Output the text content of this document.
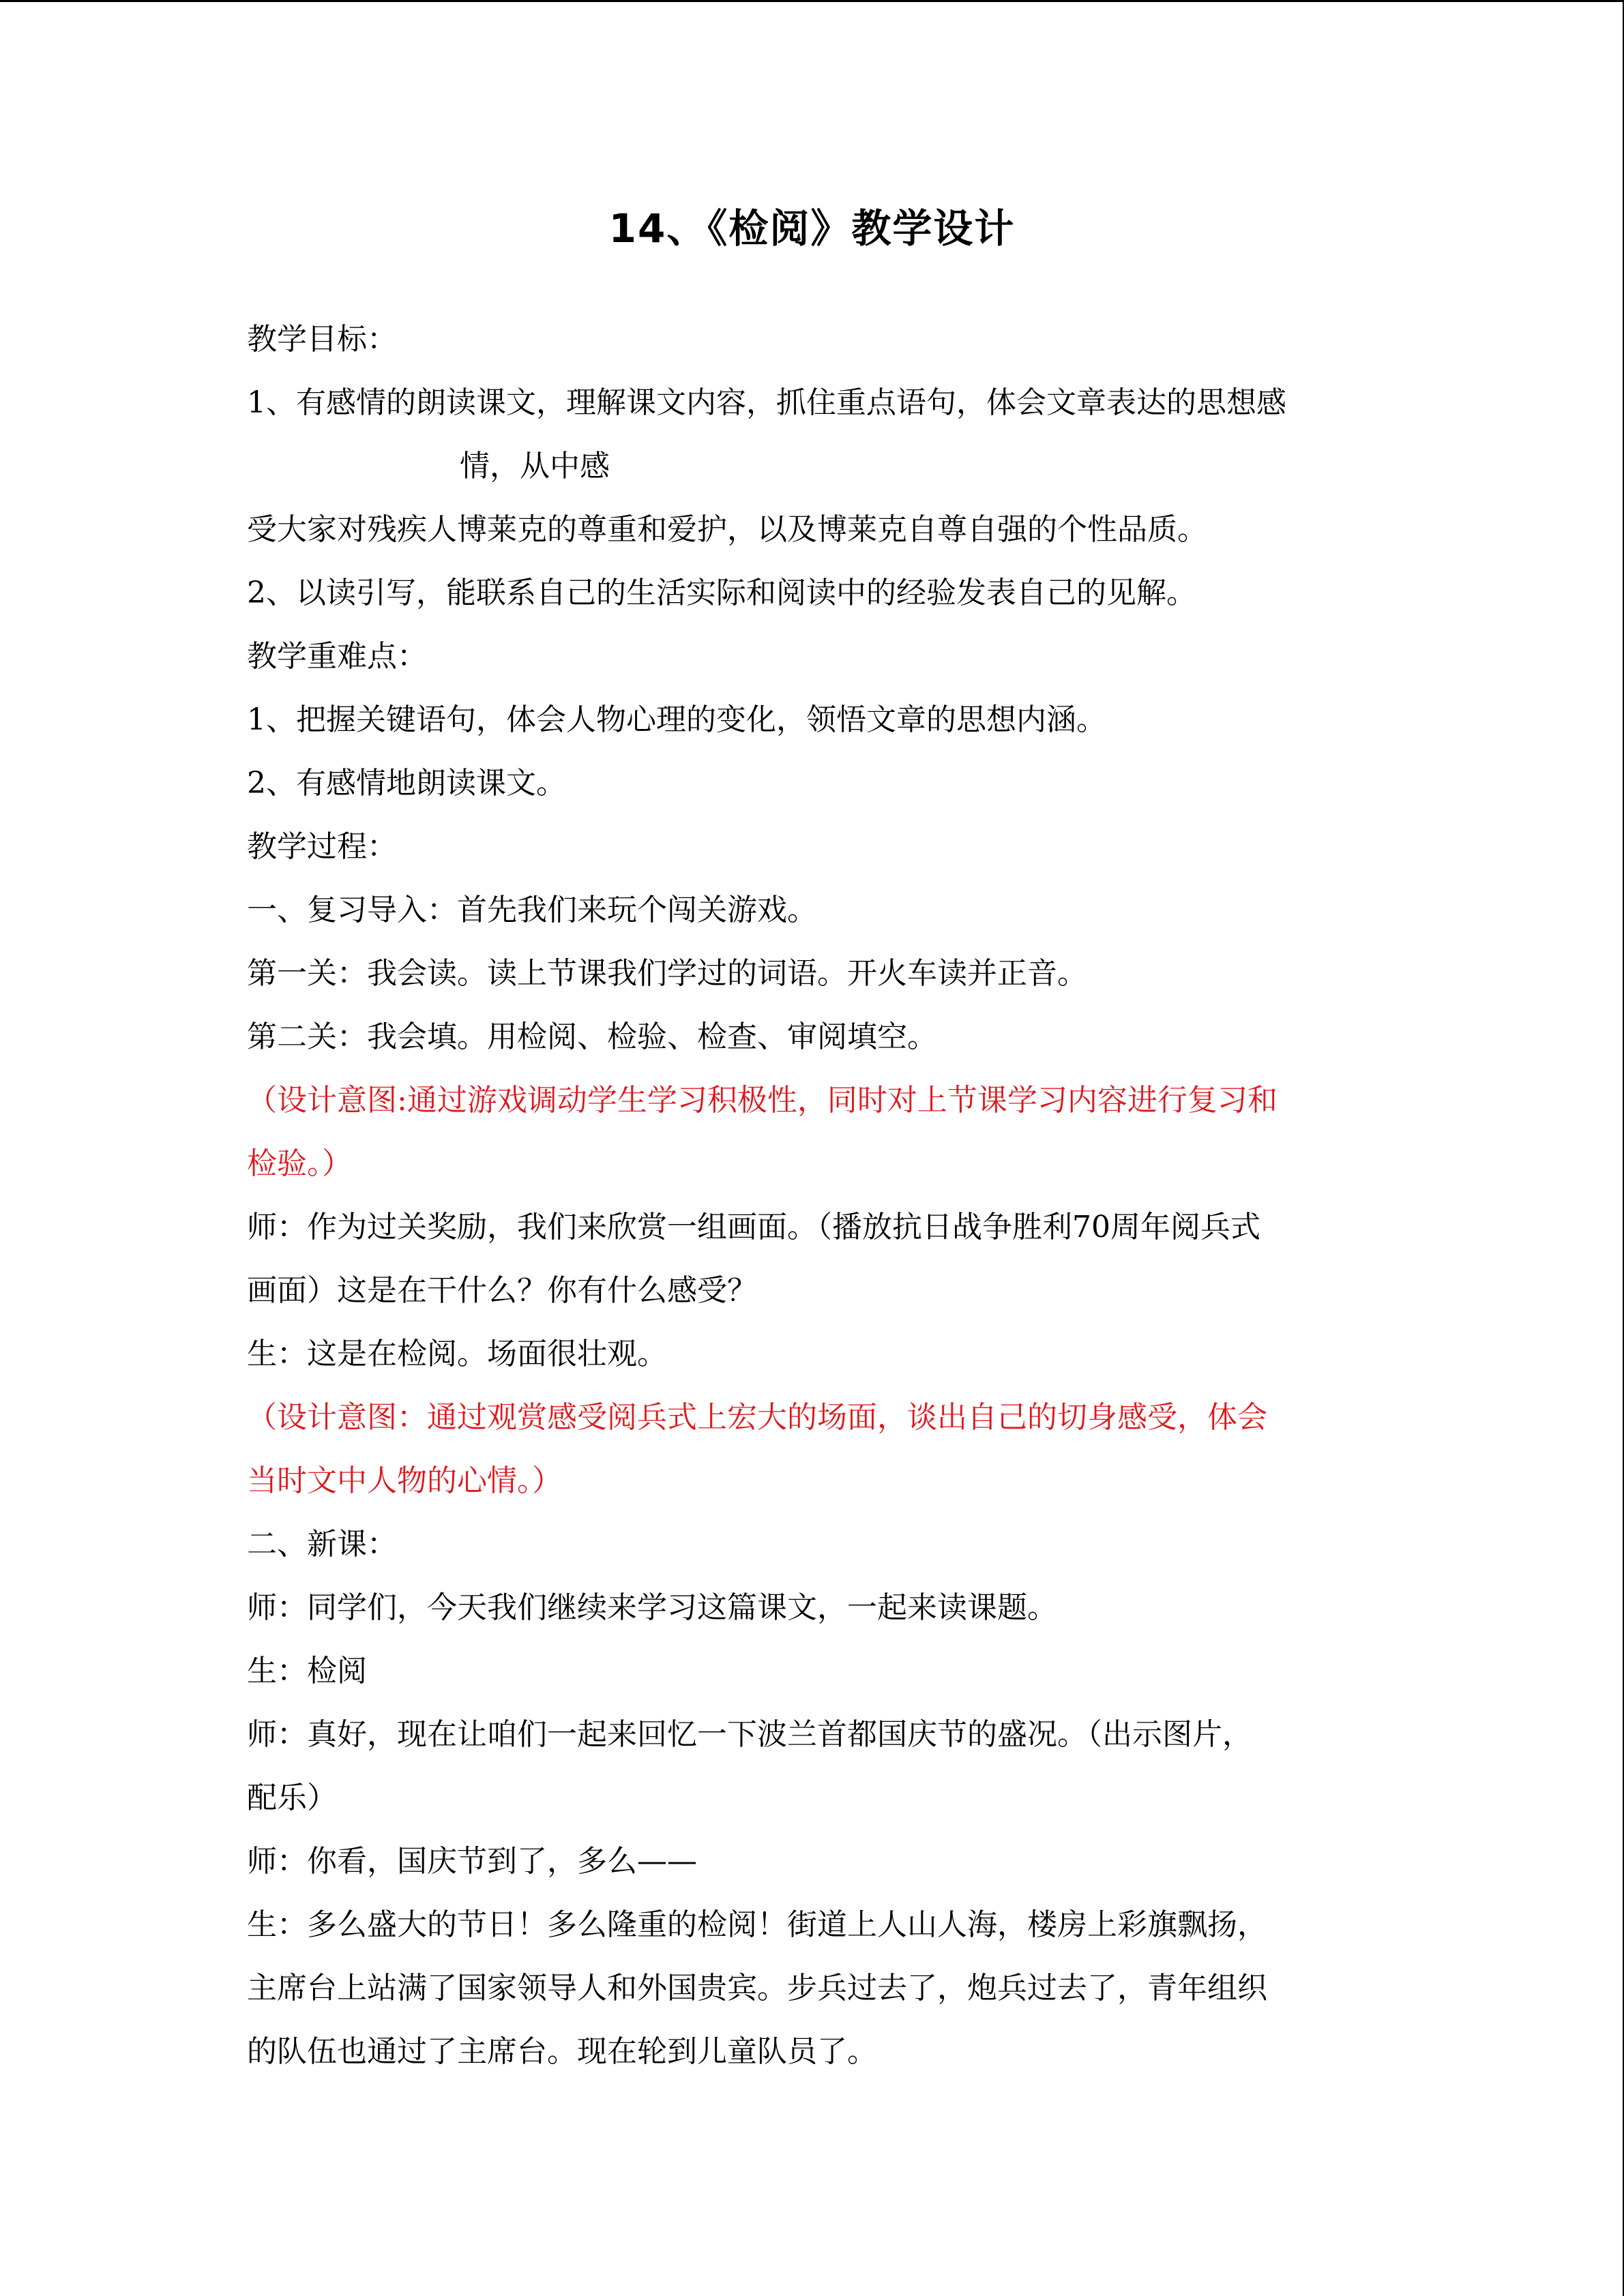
14、《检阅》教学设计
教学目标：
1、有感情的朗读课文，理解课文内容，抓住重点语句，体会文章表达的思想感
情，从中感
受大家对残疾人博莱克的尊重和爱护，以及博莱克自尊自强的个性品质。
2、以读引写，能联系自己的生活实际和阅读中的经验发表自己的见解。
教学重难点：
1、把握关键语句，体会人物心理的变化，领悟文章的思想内涵。
2、有感情地朗读课文。
教学过程：
一、复习导入：首先我们来玩个闯关游戏。
第一关：我会读。读上节课我们学过的词语。开火车读并正音。
第二关：我会填。用检阅、检验、检查、审阅填空。
（设计意图:通过游戏调动学生学习积极性，同时对上节课学习内容进行复习和
检验。）
师：作为过关奖励，我们来欣赏一组画面。（播放抗日战争胜利70周年阅兵式
画面）这是在干什么？你有什么感受？
生：这是在检阅。场面很壮观。
（设计意图：通过观赏感受阅兵式上宏大的场面，谈出自己的切身感受，体会
当时文中人物的心情。）
二、新课：
师：同学们，今天我们继续来学习这篇课文，一起来读课题。
生：检阅
师：真好，现在让咱们一起来回忆一下波兰首都国庆节的盛况。（出示图片，
配乐）
师：你看，国庆节到了，多么——
生：多么盛大的节日！多么隆重的检阅！街道上人山人海，楼房上彩旗飘扬，
主席台上站满了国家领导人和外国贵宾。步兵过去了，炮兵过去了，青年组织
的队伍也通过了主席台。现在轮到儿童队员了。
